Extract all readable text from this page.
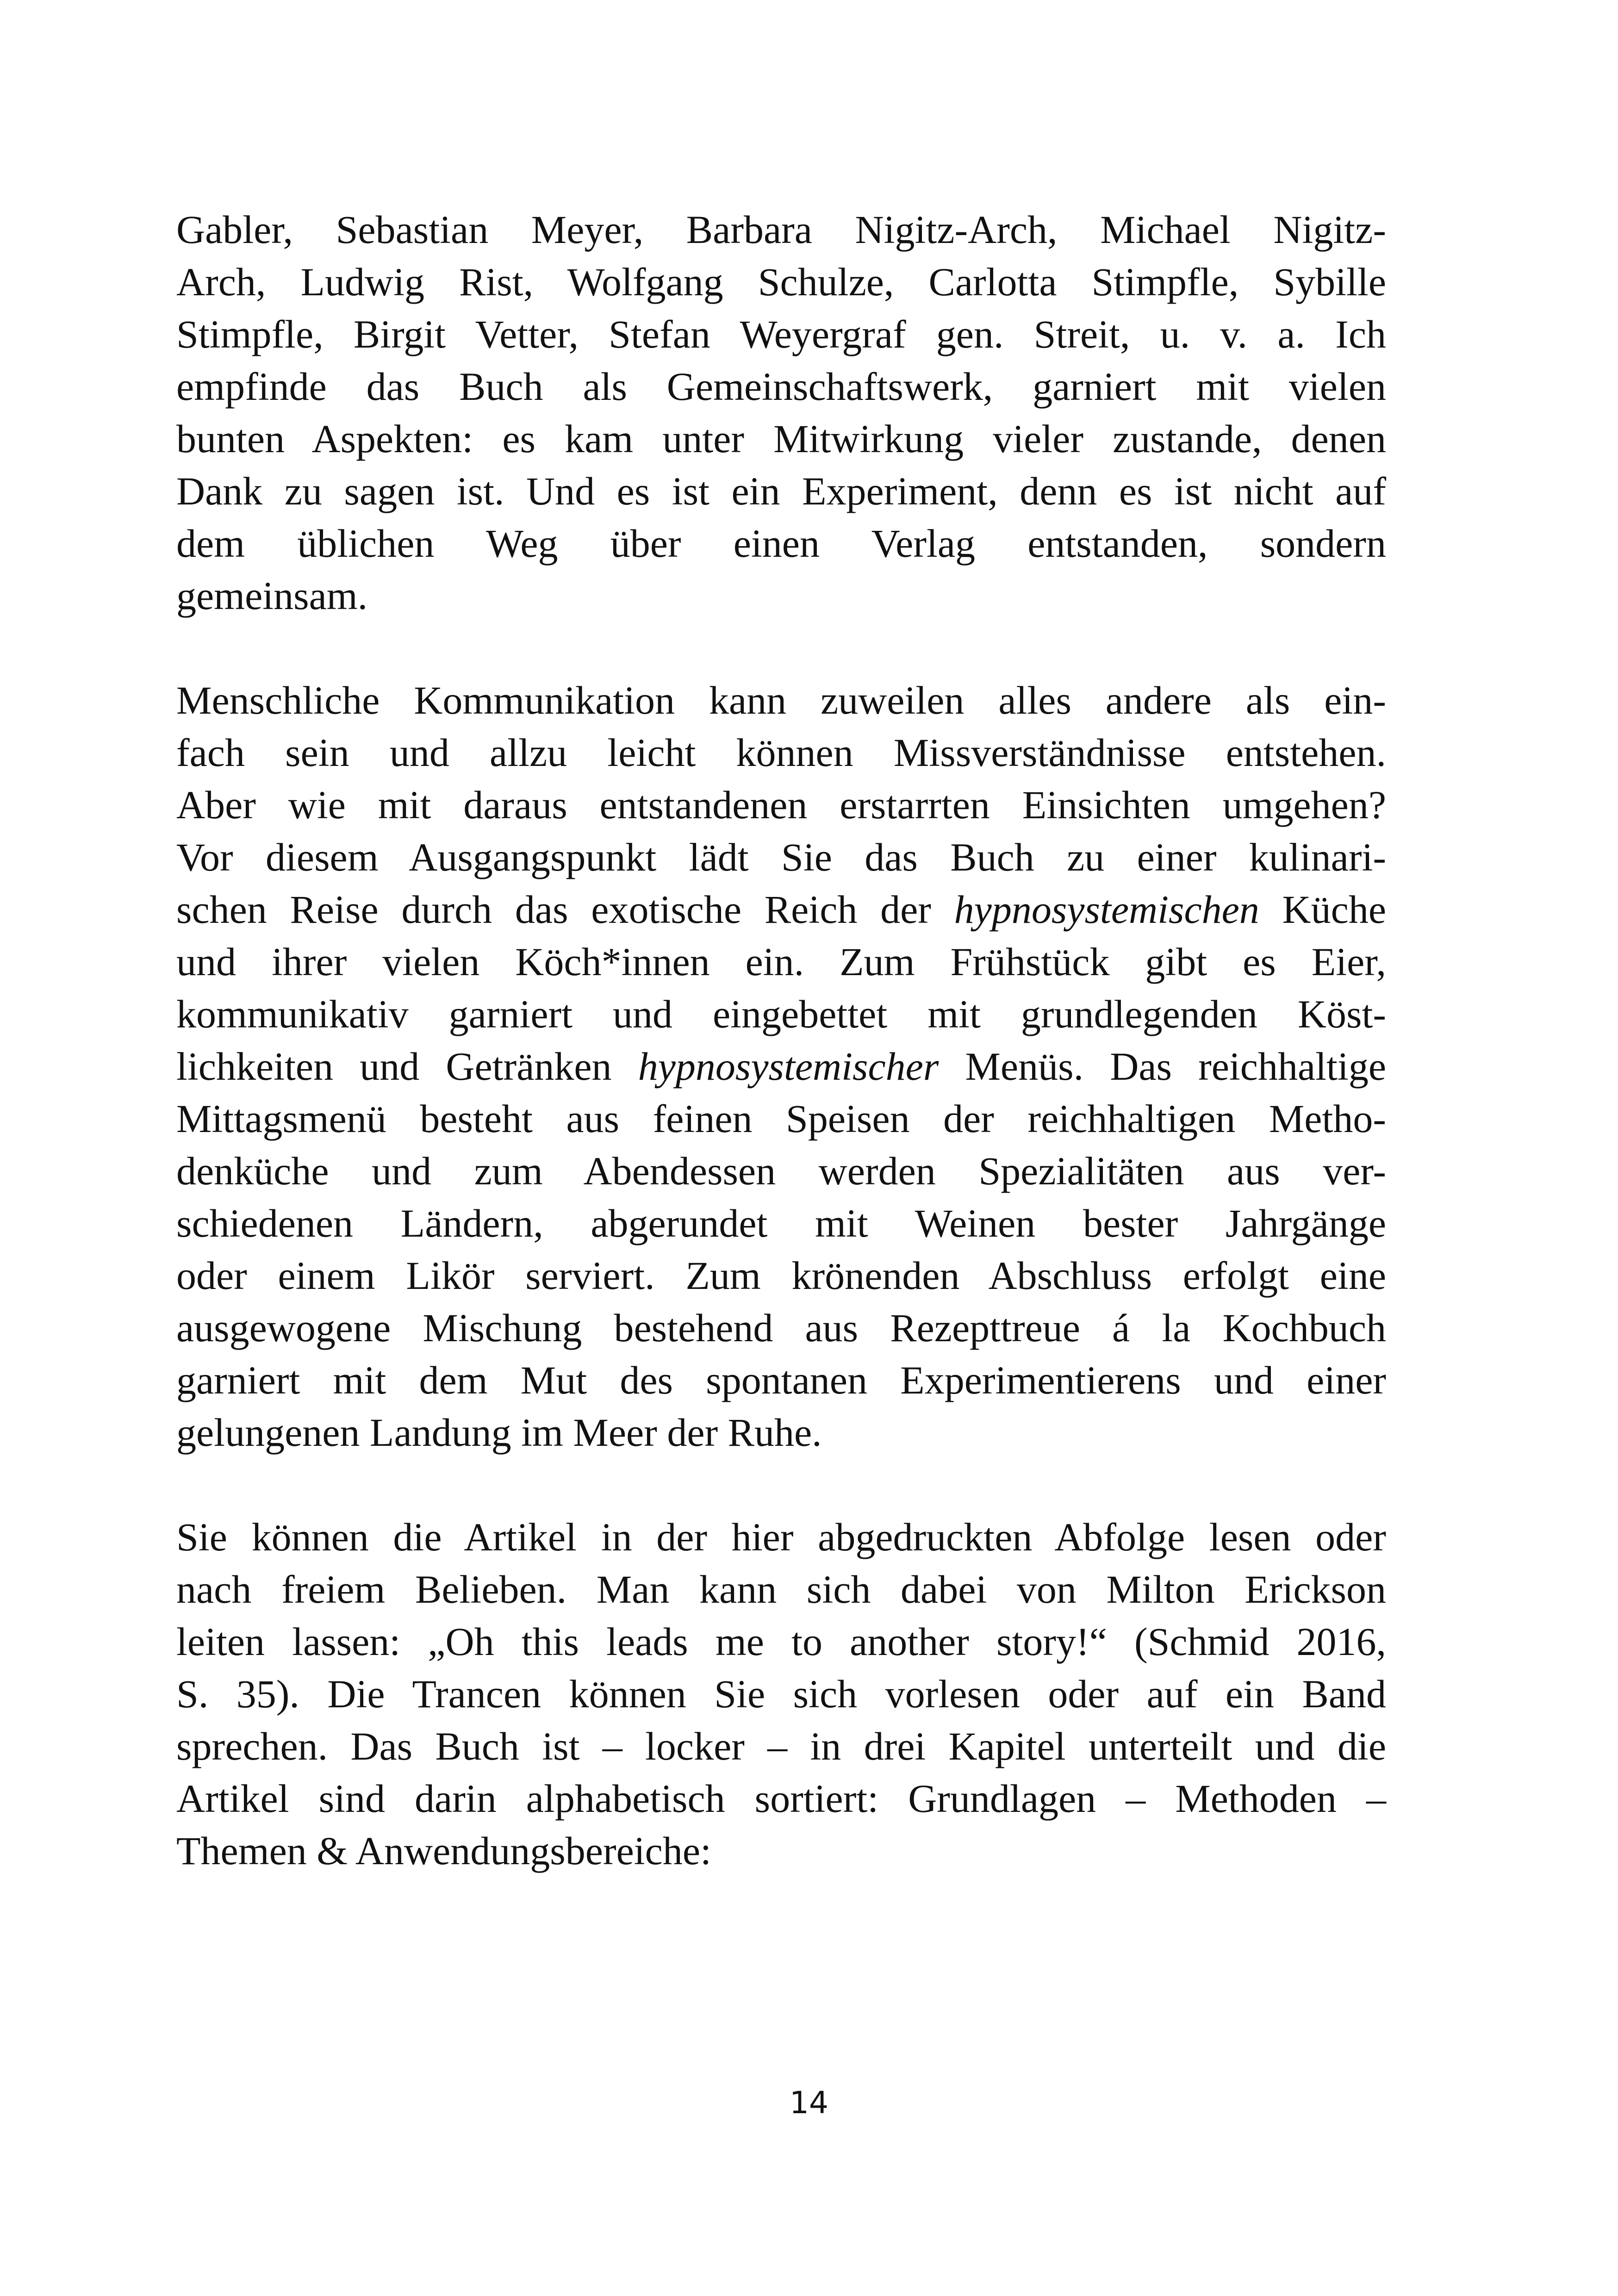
Gabler, Sebastian Meyer, Barbara Nigitz-Arch, Michael Nigitz-
Arch, Ludwig Rist, Wolfgang Schulze, Carlotta Stimpfle, Sybille
Stimpfle, Birgit Vetter, Stefan Weyergraf gen. Streit, u. v. a. Ich
empfinde das Buch als Gemeinschaftswerk, garniert mit vielen
bunten Aspekten: es kam unter Mitwirkung vieler zustande, denen
Dank zu sagen ist. Und es ist ein Experiment, denn es ist nicht auf
dem üblichen Weg über einen Verlag entstanden, sondern
gemeinsam.
Menschliche Kommunikation kann zuweilen alles andere als ein-
fach sein und allzu leicht können Missverständnisse entstehen.
Aber wie mit daraus entstandenen erstarrten Einsichten umgehen?
Vor diesem Ausgangspunkt lädt Sie das Buch zu einer kulinari-
schen Reise durch das exotische Reich der hypnosystemischen Küche
und ihrer vielen Köch*innen ein. Zum Frühstück gibt es Eier,
kommunikativ garniert und eingebettet mit grundlegenden Köst-
lichkeiten und Getränken hypnosystemischer Menüs. Das reichhaltige
Mittagsmenü besteht aus feinen Speisen der reichhaltigen Metho-
denküche und zum Abendessen werden Spezialitäten aus ver-
schiedenen Ländern, abgerundet mit Weinen bester Jahrgänge
oder einem Likör serviert. Zum krönenden Abschluss erfolgt eine
ausgewogene Mischung bestehend aus Rezepttreue á la Kochbuch
garniert mit dem Mut des spontanen Experimentierens und einer
gelungenen Landung im Meer der Ruhe.
Sie können die Artikel in der hier abgedruckten Abfolge lesen oder
nach freiem Belieben. Man kann sich dabei von Milton Erickson
leiten lassen: „Oh this leads me to another story!“ (Schmid 2016,
S. 35). Die Trancen können Sie sich vorlesen oder auf ein Band
sprechen. Das Buch ist – locker – in drei Kapitel unterteilt und die
Artikel sind darin alphabetisch sortiert: Grundlagen – Methoden –
Themen & Anwendungsbereiche:
14
